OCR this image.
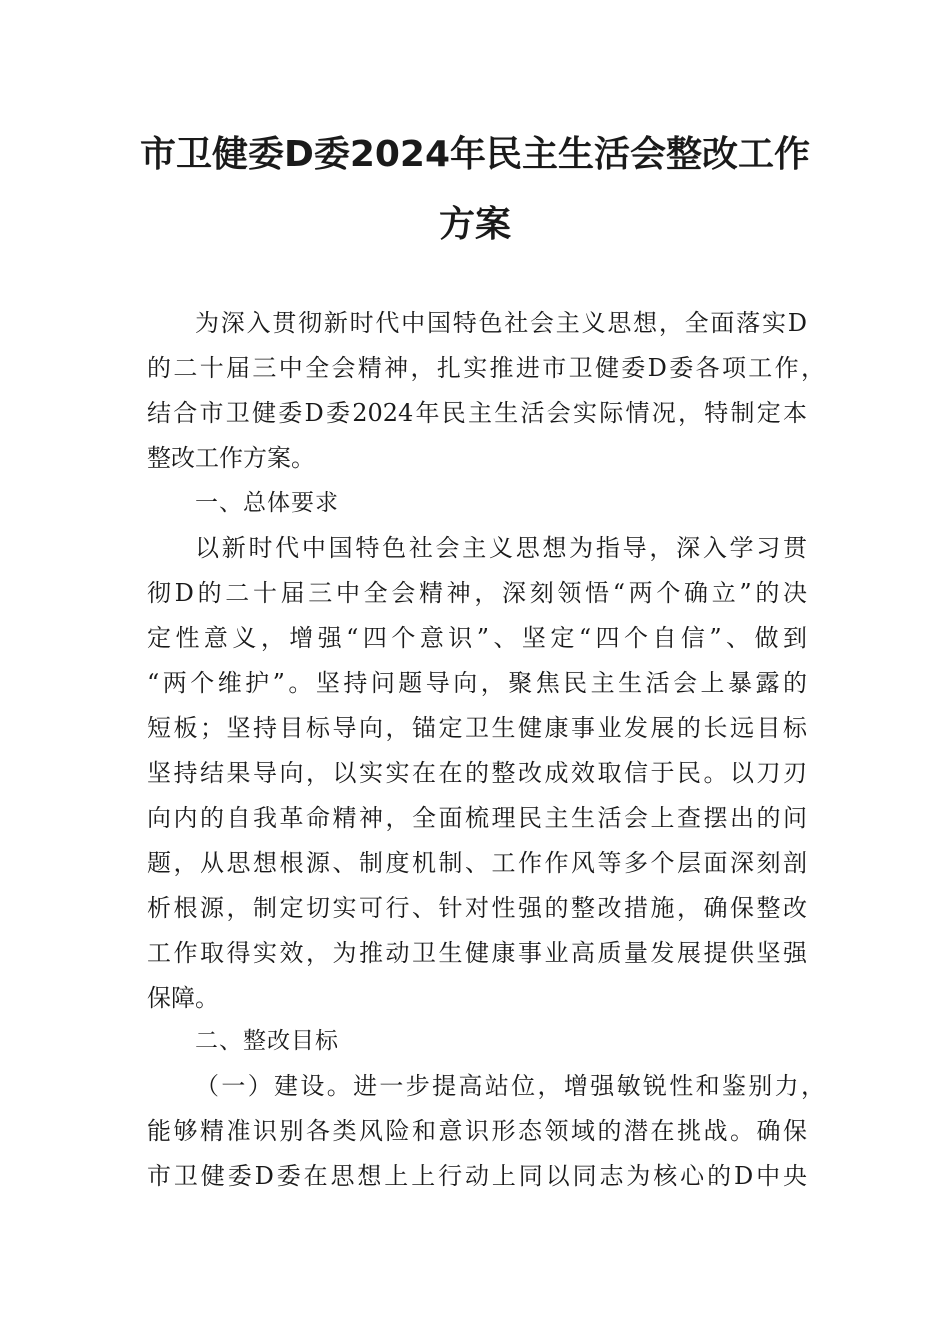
市卫健委D委2024年民主生活会整改工作
方案
为深入贯彻新时代中国特色社会主义思想，全面落实D
的二十届三中全会精神，扎实推进市卫健委D委各项工作，
结合市卫健委D委2024年民主生活会实际情况，特制定本
整改工作方案。
一、总体要求
以新时代中国特色社会主义思想为指导，深入学习贯
彻D的二十届三中全会精神，深刻领悟“两个确立”的决
定性意义，增强“四个意识”、坚定“四个自信”、做到
“两个维护”。坚持问题导向，聚焦民主生活会上暴露的
短板；坚持目标导向，锚定卫生健康事业发展的长远目标
坚持结果导向，以实实在在的整改成效取信于民。以刀刃
向内的自我革命精神，全面梳理民主生活会上查摆出的问
题，从思想根源、制度机制、工作作风等多个层面深刻剖
析根源，制定切实可行、针对性强的整改措施，确保整改
工作取得实效，为推动卫生健康事业高质量发展提供坚强
保障。
二、整改目标
（一）建设。进一步提高站位，增强敏锐性和鉴别力，
能够精准识别各类风险和意识形态领域的潜在挑战。确保
市卫健委D委在思想上上行动上同以同志为核心的D中央
